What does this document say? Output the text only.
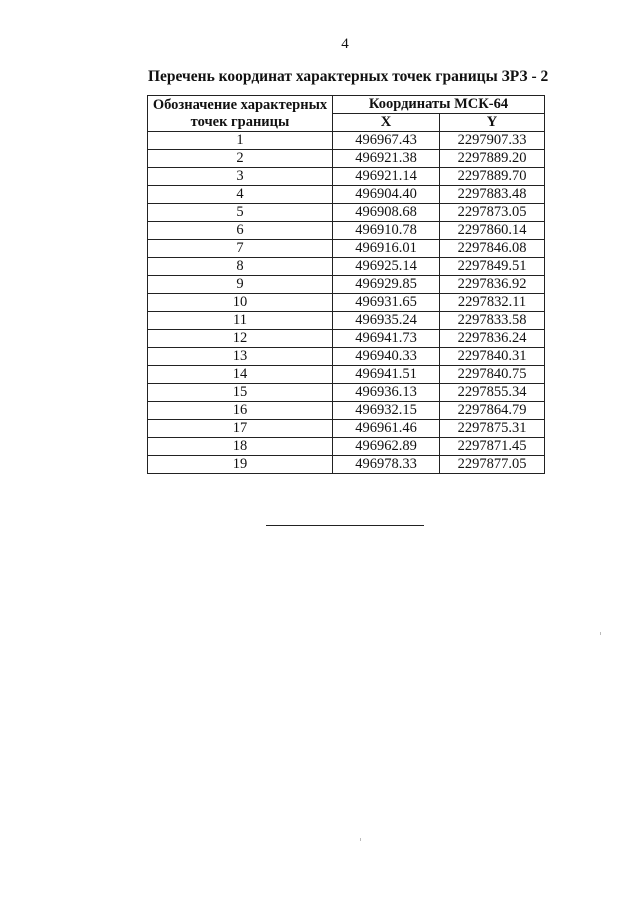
4
Перечень координат характерных точек границы ЗРЗ - 2
Обозначение характерных точек границы	Координаты МСК-64	
	X	Y
1	496967.43	2297907.33
2	496921.38	2297889.20
3	496921.14	2297889.70
4	496904.40	2297883.48
5	496908.68	2297873.05
6	496910.78	2297860.14
7	496916.01	2297846.08
8	496925.14	2297849.51
9	496929.85	2297836.92
10	496931.65	2297832.11
11	496935.24	2297833.58
12	496941.73	2297836.24
13	496940.33	2297840.31
14	496941.51	2297840.75
15	496936.13	2297855.34
16	496932.15	2297864.79
17	496961.46	2297875.31
18	496962.89	2297871.45
19	496978.33	2297877.05
